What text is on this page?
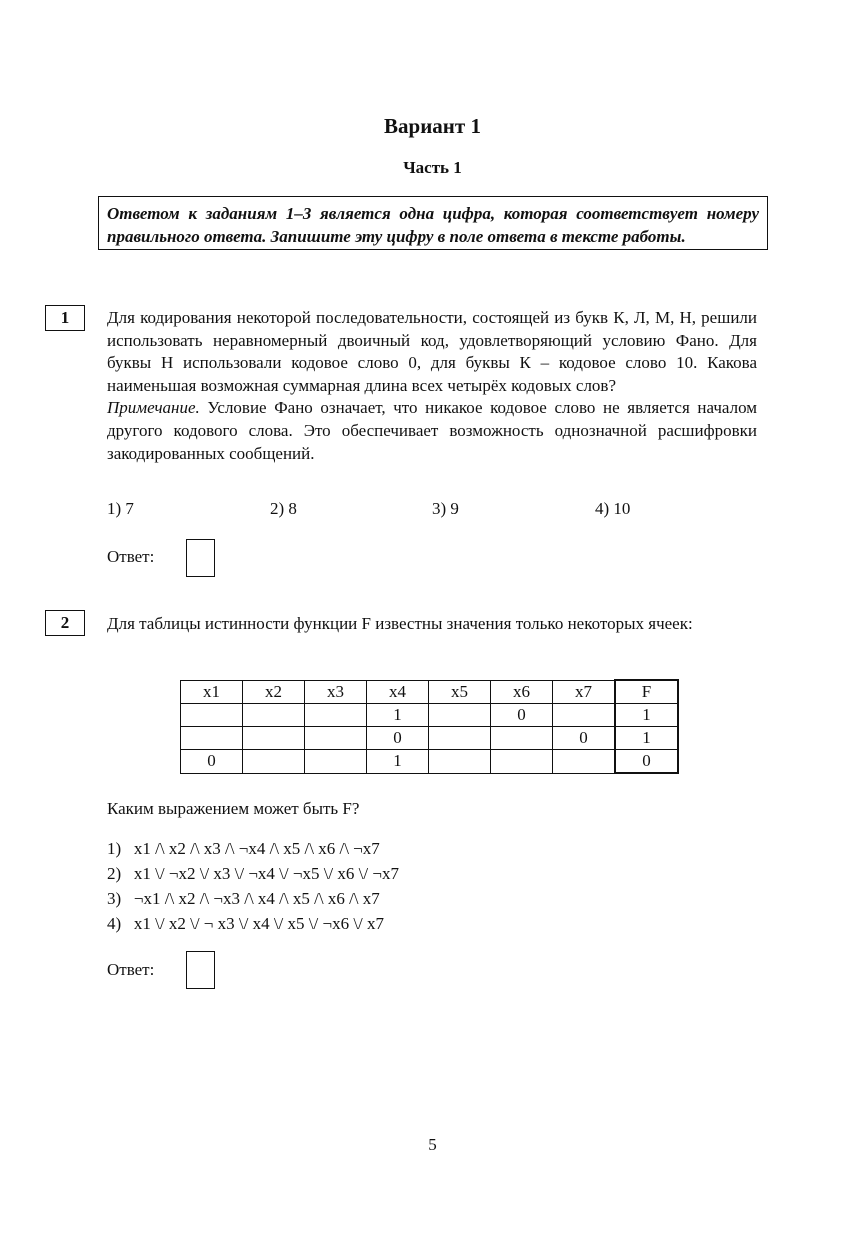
Вариант 1
Часть 1
Ответом к заданиям 1–3 является одна цифра, которая соответствует номеру правильного ответа. Запишите эту цифру в поле ответа в тексте работы.
1	Для кодирования некоторой последовательности, состоящей из букв К, Л, М, Н, решили использовать неравномерный двоичный код, удовлетворяющий условию Фано. Для буквы Н использовали кодовое слово 0, для буквы К – кодовое слово 10. Какова наименьшая возможная суммарная длина всех четырёх кодовых слов?

Примечание. Условие Фано означает, что никакое кодовое слово не является началом другого кодового слова. Это обеспечивает возможность однозначной расшифровки закодированных сообщений.

1) 7	2) 8	3) 9	4) 10
Ответ:
2	Для таблицы истинности функции F известны значения только некоторых ячеек:
x1	x2	x3	x4	x5	x6	x7	F
			1		0		1
			0			0	1
0			1				0
Каким выражением может быть F?
1)   x1 /\ x2 /\ x3 /\ ¬x4 /\ x5 /\ x6 /\ ¬x7
2)   x1 \/ ¬x2 \/ x3 \/ ¬x4 \/ ¬x5 \/ x6 \/ ¬x7
3)   ¬x1 /\ x2 /\ ¬x3 /\ x4 /\ x5 /\ x6 /\ x7
4)   x1 \/ x2 \/ ¬ x3 \/ x4 \/ x5 \/ ¬x6 \/ x7
Ответ:
5
